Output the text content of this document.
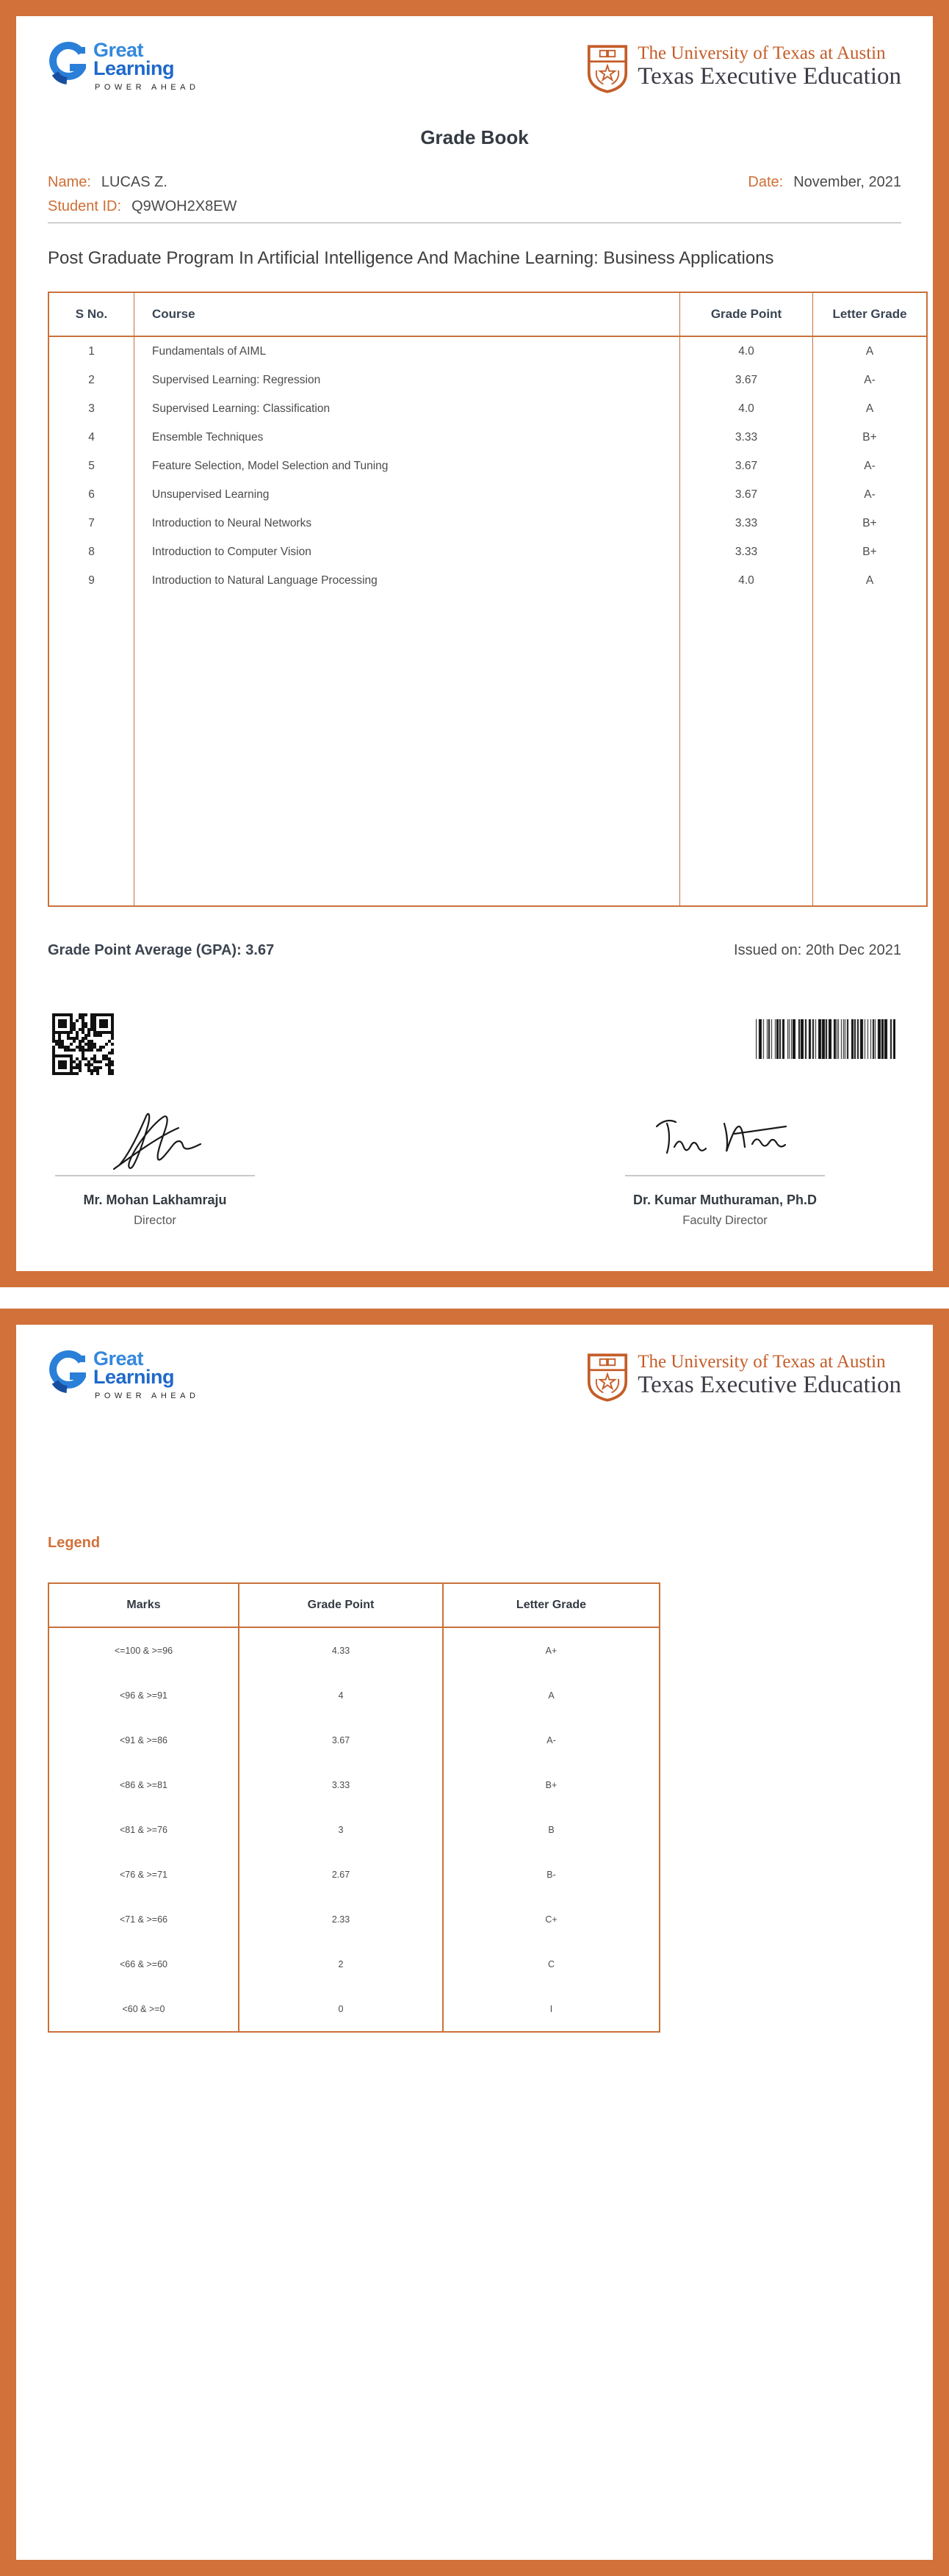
Great
Learning
POWER AHEAD
The University of Texas at Austin
Texas Executive Education
Grade Book
Name: LUCAS Z.
Student ID: Q9WOH2X8EW
Date: November, 2021
Post Graduate Program In Artificial Intelligence And Machine Learning: Business Applications
S No.	Course	Grade Point	Letter Grade
1	Fundamentals of AIML	4.0	A
2	Supervised Learning: Regression	3.67	A-
3	Supervised Learning: Classification	4.0	A
4	Ensemble Techniques	3.33	B+
5	Feature Selection, Model Selection and Tuning	3.67	A-
6	Unsupervised Learning	3.67	A-
7	Introduction to Neural Networks	3.33	B+
8	Introduction to Computer Vision	3.33	B+
9	Introduction to Natural Language Processing	4.0	A

Grade Point Average (GPA): 3.67	Issued on: 20th Dec 2021
Mr. Mohan Lakhamraju
Director
Dr. Kumar Muthuraman, Ph.D
Faculty Director
Great
Learning
POWER AHEAD
The University of Texas at Austin
Texas Executive Education
Legend
Marks	Grade Point	Letter Grade
<=100 & >=96	4.33	A+
<96 & >=91	4	A
<91 & >=86	3.67	A-
<86 & >=81	3.33	B+
<81 & >=76	3	B
<76 & >=71	2.67	B-
<71 & >=66	2.33	C+
<66 & >=60	2	C
<60 & >=0	0	I
